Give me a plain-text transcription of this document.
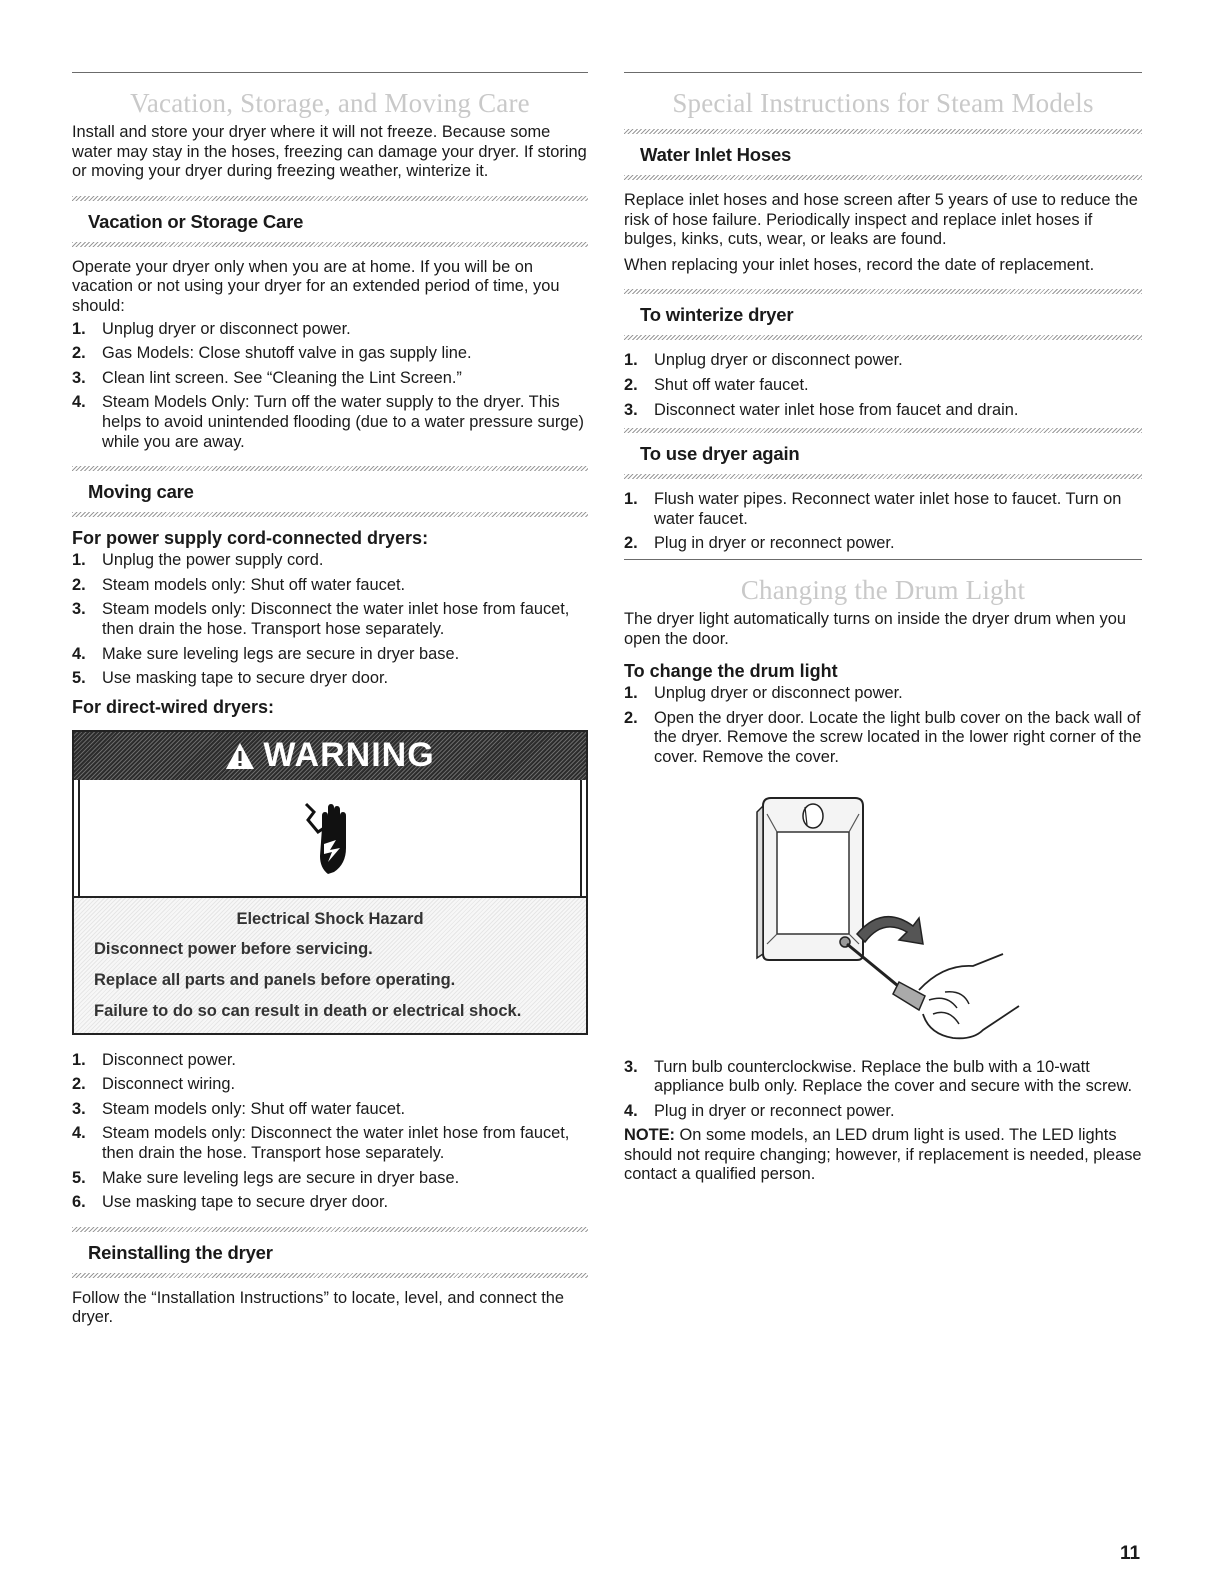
Vacation, Storage, and Moving Care

Install and store your dryer where it will not freeze. Because some water may stay in the hoses, freezing can damage your dryer. If storing or moving your dryer during freezing weather, winterize it.

Vacation or Storage Care

Operate your dryer only when you are at home. If you will be on vacation or not using your dryer for an extended period of time, you should:

1. Unplug dryer or disconnect power.
2. Gas Models: Close shutoff valve in gas supply line.
3. Clean lint screen. See “Cleaning the Lint Screen.”
4. Steam Models Only: Turn off the water supply to the dryer. This helps to avoid unintended flooding (due to a water pressure surge) while you are away.
Moving care
For power supply cord-connected dryers:
1. Unplug the power supply cord.
2. Steam models only: Shut off water faucet.
3. Steam models only: Disconnect the water inlet hose from faucet, then drain the hose. Transport hose separately.
4. Make sure leveling legs are secure in dryer base.
5. Use masking tape to secure dryer door.
For direct-wired dryers:
WARNING
Electrical Shock Hazard
Disconnect power before servicing.
Replace all parts and panels before operating.
Failure to do so can result in death or electrical shock.
1. Disconnect power.
2. Disconnect wiring.
3. Steam models only: Shut off water faucet.
4. Steam models only: Disconnect the water inlet hose from faucet, then drain the hose. Transport hose separately.
5. Make sure leveling legs are secure in dryer base.
6. Use masking tape to secure dryer door.
Reinstalling the dryer

Follow the “Installation Instructions” to locate, level, and connect the dryer.

Special Instructions for Steam Models
Water Inlet Hoses

Replace inlet hoses and hose screen after 5 years of use to reduce the risk of hose failure. Periodically inspect and replace inlet hoses if bulges, kinks, cuts, wear, or leaks are found.

When replacing your inlet hoses, record the date of replacement.

To winterize dryer
1. Unplug dryer or disconnect power.
2. Shut off water faucet.
3. Disconnect water inlet hose from faucet and drain.
To use dryer again
1. Flush water pipes. Reconnect water inlet hose to faucet. Turn on water faucet.
2. Plug in dryer or reconnect power.
Changing the Drum Light

The dryer light automatically turns on inside the dryer drum when you open the door.

To change the drum light
1. Unplug dryer or disconnect power.
2. Open the dryer door. Locate the light bulb cover on the back wall of the dryer. Remove the screw located in the lower right corner of the cover. Remove the cover.
3. Turn bulb counterclockwise. Replace the bulb with a 10-watt appliance bulb only. Replace the cover and secure with the screw.
4. Plug in dryer or reconnect power.

NOTE: On some models, an LED drum light is used. The LED lights should not require changing; however, if replacement is needed, please contact a qualified person.

11
